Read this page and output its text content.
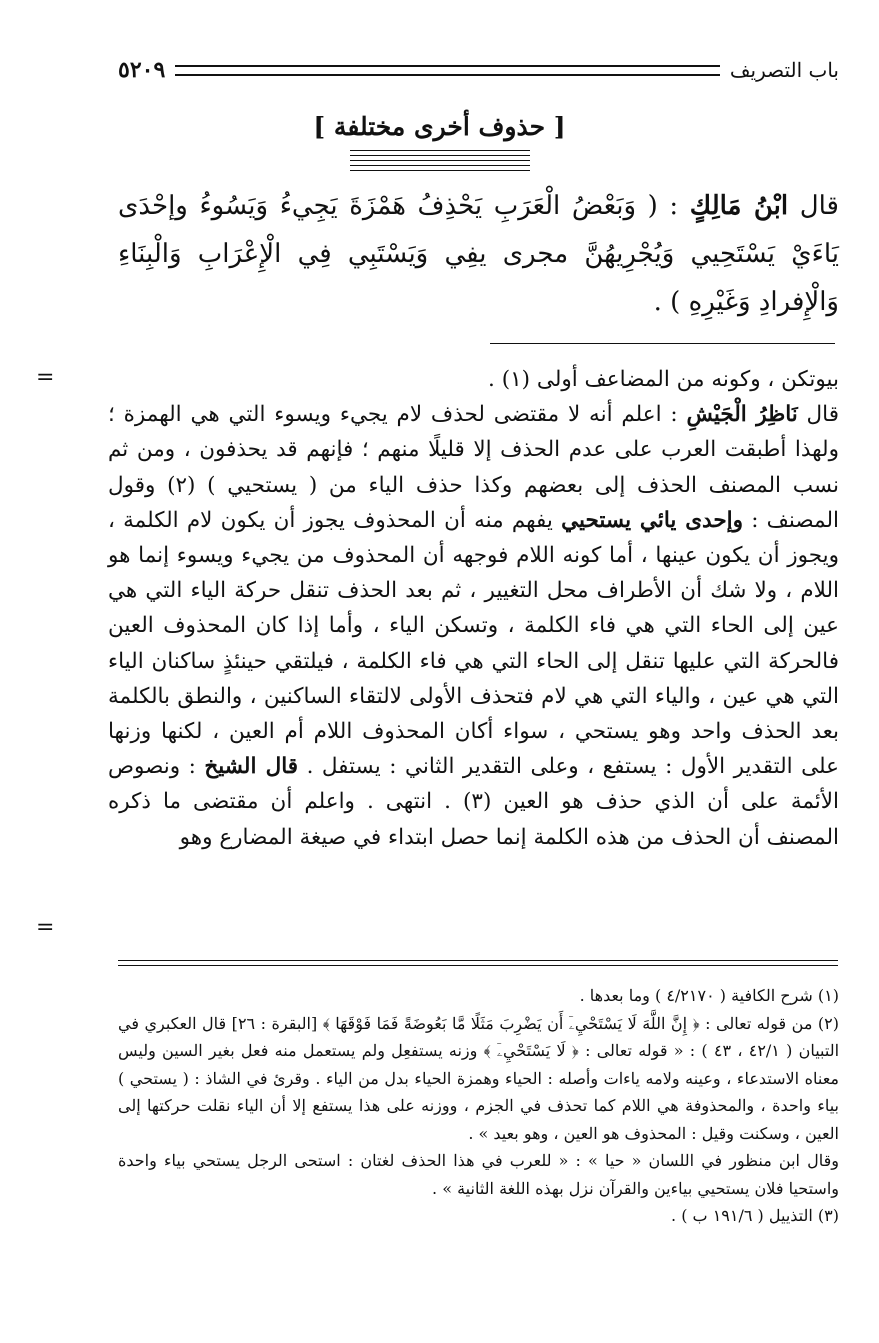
باب التصريف
٥٢٠٩
[ حذوف أخرى مختلفة ]
قال ابْنُ مَالِكٍ : ( وَبَعْضُ الْعَرَبِ يَحْذِفُ هَمْزَةَ يَجِيءُ وَيَسُوءُ وإحْدَى يَاءَيْ يَسْتَحِيي وَيُجْرِيهُنَّ مجرى يفِي وَيَسْتَبِي فِي الْإِعْرَابِ وَالْبِنَاءِ وَالْإِفرادِ وَغَيْرِهِ ) .

بيوتكن ، وكونه من المضاعف أولى (١) .

قال نَاظِرُ الْجَيْشِ : اعلم أنه لا مقتضى لحذف لام يجيء ويسوء التي هي الهمزة ؛ ولهذا أطبقت العرب على عدم الحذف إلا قليلًا منهم ؛ فإنهم قد يحذفون ، ومن ثم نسب المصنف الحذف إلى بعضهم وكذا حذف الياء من ( يستحيي ) (٢) وقول المصنف : وإحدى يائي يستحيي يفهم منه أن المحذوف يجوز أن يكون لام الكلمة ، ويجوز أن يكون عينها ، أما كونه اللام فوجهه أن المحذوف من يجيء ويسوء إنما هو اللام ، ولا شك أن الأطراف محل التغيير ، ثم بعد الحذف تنقل حركة الياء التي هي عين إلى الحاء التي هي فاء الكلمة ، وتسكن الياء ، وأما إذا كان المحذوف العين فالحركة التي عليها تنقل إلى الحاء التي هي فاء الكلمة ، فيلتقي حينئذٍ ساكنان الياء التي هي عين ، والياء التي هي لام فتحذف الأولى لالتقاء الساكنين ، والنطق بالكلمة بعد الحذف واحد وهو يستحي ، سواء أكان المحذوف اللام أم العين ، لكنها وزنها على التقدير الأول : يستفع ، وعلى التقدير الثاني : يستفل . قال الشيخ : ونصوص الأئمة على أن الذي حذف هو العين (٣) . انتهى . واعلم أن مقتضى ما ذكره المصنف أن الحذف من هذه الكلمة إنما حصل ابتداء في صيغة المضارع وهو

=
=

(١) شرح الكافية ( ٤/٢١٧٠ ) وما بعدها .

(٢) من قوله تعالى : ﴿ إِنَّ اللَّهَ لَا يَسْتَحْيِۦٓ أَن يَضْرِبَ مَثَلًا مَّا بَعُوضَةً فَمَا فَوْقَهَا ﴾ [البقرة : ٢٦] قال العكبري في التبيان ( ٤٢/١ ، ٤٣ ) : « قوله تعالى : ﴿ لَا يَسْتَحْيِۦٓ ﴾ وزنه يستفعِل ولم يستعمل منه فعل بغير السين وليس معناه الاستدعاء ، وعينه ولامه ياءات وأصله : الحياء وهمزة الحياء بدل من الياء . وقرئ في الشاذ : ( يستحي ) بياء واحدة ، والمحذوفة هي اللام كما تحذف في الجزم ، ووزنه على هذا يستفع إلا أن الياء نقلت حركتها إلى العين ، وسكنت وقيل : المحذوف هو العين ، وهو بعيد » .

وقال ابن منظور في اللسان « حيا » : « للعرب في هذا الحذف لغتان : استحى الرجل يستحي بياء واحدة واستحيا فلان يستحيي بياءين والقرآن نزل بهذه اللغة الثانية » .

(٣) التذييل ( ١٩١/٦ ب ) .
